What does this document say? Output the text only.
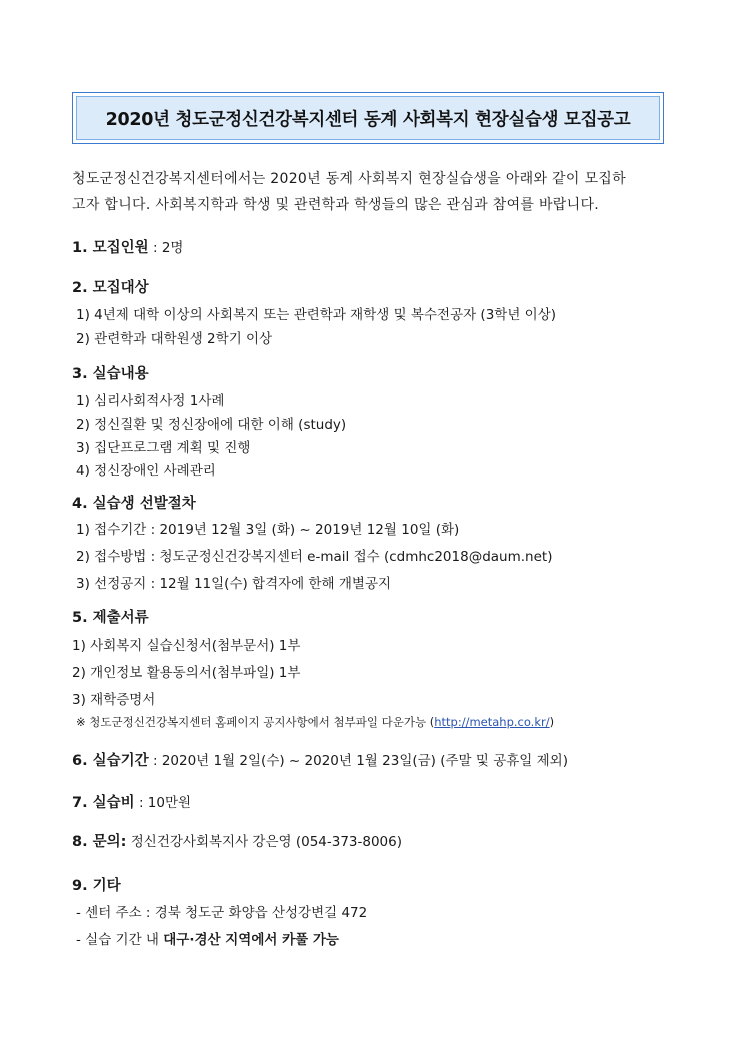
2020년 청도군정신건강복지센터 동계 사회복지 현장실습생 모집공고
청도군정신건강복지센터에서는 2020년 동계 사회복지 현장실습생을 아래와 같이 모집하
고자 합니다. 사회복지학과 학생 및 관련학과 학생들의 많은 관심과 참여를 바랍니다.
1. 모집인원 : 2명
2. 모집대상
1) 4년제 대학 이상의 사회복지 또는 관련학과 재학생 및 복수전공자 (3학년 이상)
2) 관련학과 대학원생 2학기 이상
3. 실습내용
1) 심리사회적사정 1사례
2) 정신질환 및 정신장애에 대한 이해 (study)
3) 집단프로그램 계획 및 진행
4) 정신장애인 사례관리
4. 실습생 선발절차
1) 접수기간 : 2019년 12월 3일 (화) ~ 2019년 12월 10일 (화)
2) 접수방법 : 청도군정신건강복지센터 e-mail 접수 (cdmhc2018@daum.net)
3) 선정공지 : 12월 11일(수) 합격자에 한해 개별공지
5. 제출서류
1) 사회복지 실습신청서(첨부문서) 1부
2) 개인정보 활용동의서(첨부파일) 1부
3) 재학증명서
※ 청도군정신건강복지센터 홈페이지 공지사항에서 첨부파일 다운가능 (http://metahp.co.kr/)
6. 실습기간 : 2020년 1월 2일(수) ~ 2020년 1월 23일(금) (주말 및 공휴일 제외)
7. 실습비 : 10만원
8. 문의: 정신건강사회복지사 강은영 (054-373-8006)
9. 기타
- 센터 주소 : 경북 청도군 화양읍 산성강변길 472
- 실습 기간 내 대구·경산 지역에서 카풀 가능
